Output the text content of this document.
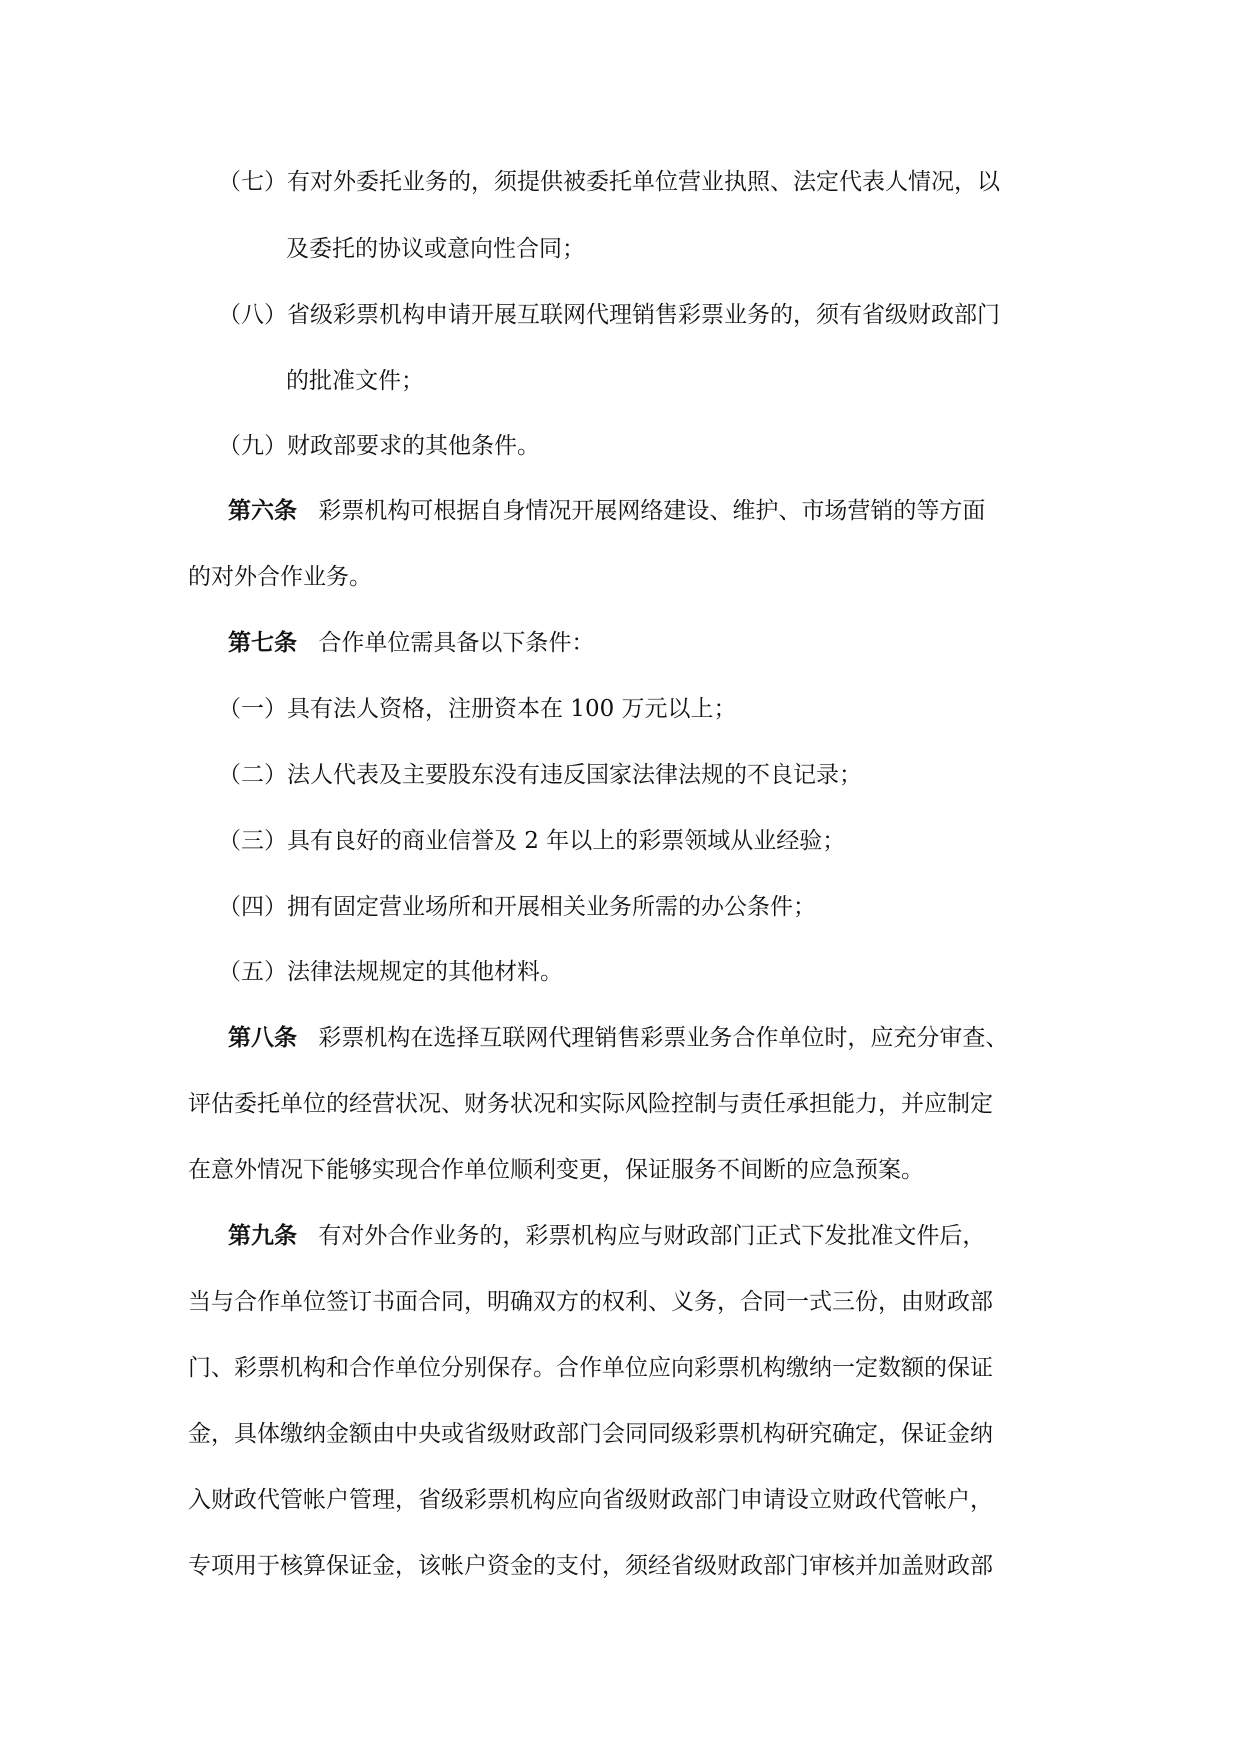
（七）有对外委托业务的，须提供被委托单位营业执照、法定代表人情况，以
及委托的协议或意向性合同；
（八）省级彩票机构申请开展互联网代理销售彩票业务的，须有省级财政部门
的批准文件；
（九）财政部要求的其他条件。
第六条 彩票机构可根据自身情况开展网络建设、维护、市场营销的等方面
的对外合作业务。
第七条 合作单位需具备以下条件：
（一）具有法人资格，注册资本在 100 万元以上；
（二）法人代表及主要股东没有违反国家法律法规的不良记录；
（三）具有良好的商业信誉及 2 年以上的彩票领域从业经验；
（四）拥有固定营业场所和开展相关业务所需的办公条件；
（五）法律法规规定的其他材料。
第八条 彩票机构在选择互联网代理销售彩票业务合作单位时，应充分审查、
评估委托单位的经营状况、财务状况和实际风险控制与责任承担能力，并应制定
在意外情况下能够实现合作单位顺利变更，保证服务不间断的应急预案。
第九条 有对外合作业务的，彩票机构应与财政部门正式下发批准文件后，
当与合作单位签订书面合同，明确双方的权利、义务，合同一式三份，由财政部
门、彩票机构和合作单位分别保存。合作单位应向彩票机构缴纳一定数额的保证
金，具体缴纳金额由中央或省级财政部门会同同级彩票机构研究确定，保证金纳
入财政代管帐户管理，省级彩票机构应向省级财政部门申请设立财政代管帐户，
专项用于核算保证金，该帐户资金的支付，须经省级财政部门审核并加盖财政部
